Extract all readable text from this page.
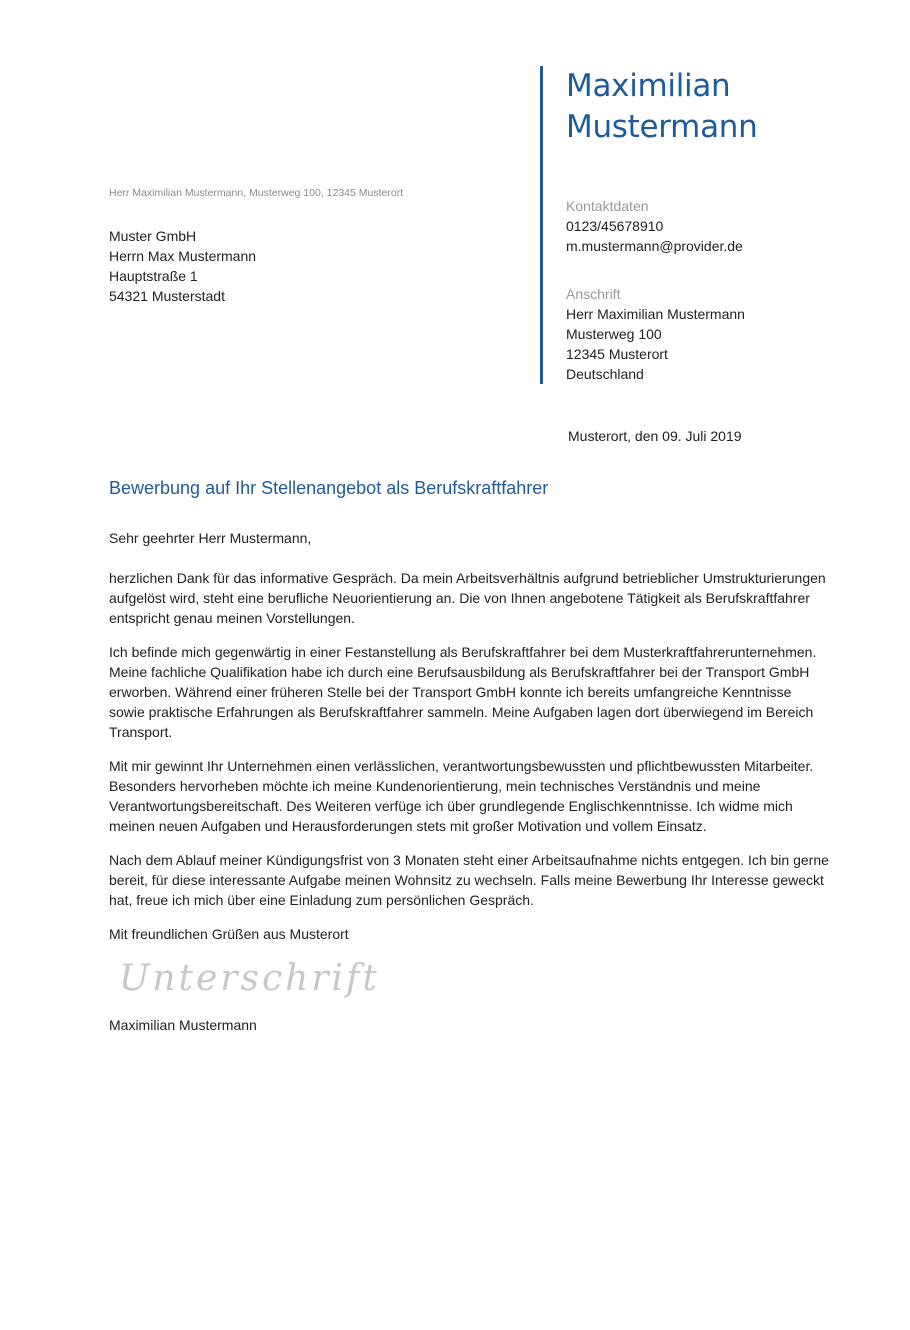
Maximilian
Mustermann
Herr Maximilian Mustermann, Musterweg 100, 12345 Musterort
Muster GmbH
Herrn Max Mustermann
Hauptstraße 1
54321 Musterstadt
Kontaktdaten
0123/45678910
m.mustermann@provider.de
Anschrift
Herr Maximilian Mustermann
Musterweg 100
12345 Musterort
Deutschland
Musterort, den 09. Juli 2019
Bewerbung auf Ihr Stellenangebot als Berufskraftfahrer

Sehr geehrter Herr Mustermann,

herzlichen Dank für das informative Gespräch. Da mein Arbeitsverhältnis aufgrund betrieblicher Umstrukturierungen aufgelöst wird, steht eine berufliche Neuorientierung an. Die von Ihnen angebotene Tätigkeit als Berufskraftfahrer entspricht genau meinen Vorstellungen.

Ich befinde mich gegenwärtig in einer Festanstellung als Berufskraftfahrer bei dem Musterkraftfahrerunternehmen. Meine fachliche Qualifikation habe ich durch eine Berufsausbildung als Berufskraftfahrer bei der Transport GmbH erworben. Während einer früheren Stelle bei der Transport GmbH konnte ich bereits umfangreiche Kenntnisse sowie praktische Erfahrungen als Berufskraftfahrer sammeln. Meine Aufgaben lagen dort überwiegend im Bereich Transport.

Mit mir gewinnt Ihr Unternehmen einen verlässlichen, verantwortungsbewussten und pflichtbewussten Mitarbeiter. Besonders hervorheben möchte ich meine Kundenorientierung, mein technisches Verständnis und meine Verantwortungsbereitschaft. Des Weiteren verfüge ich über grundlegende Englischkenntnisse. Ich widme mich meinen neuen Aufgaben und Herausforderungen stets mit großer Motivation und vollem Einsatz.

Nach dem Ablauf meiner Kündigungsfrist von 3 Monaten steht einer Arbeitsaufnahme nichts entgegen. Ich bin gerne bereit, für diese interessante Aufgabe meinen Wohnsitz zu wechseln. Falls meine Bewerbung Ihr Interesse geweckt hat, freue ich mich über eine Einladung zum persönlichen Gespräch.

Mit freundlichen Grüßen aus Musterort

Unterschrift
Maximilian Mustermann
